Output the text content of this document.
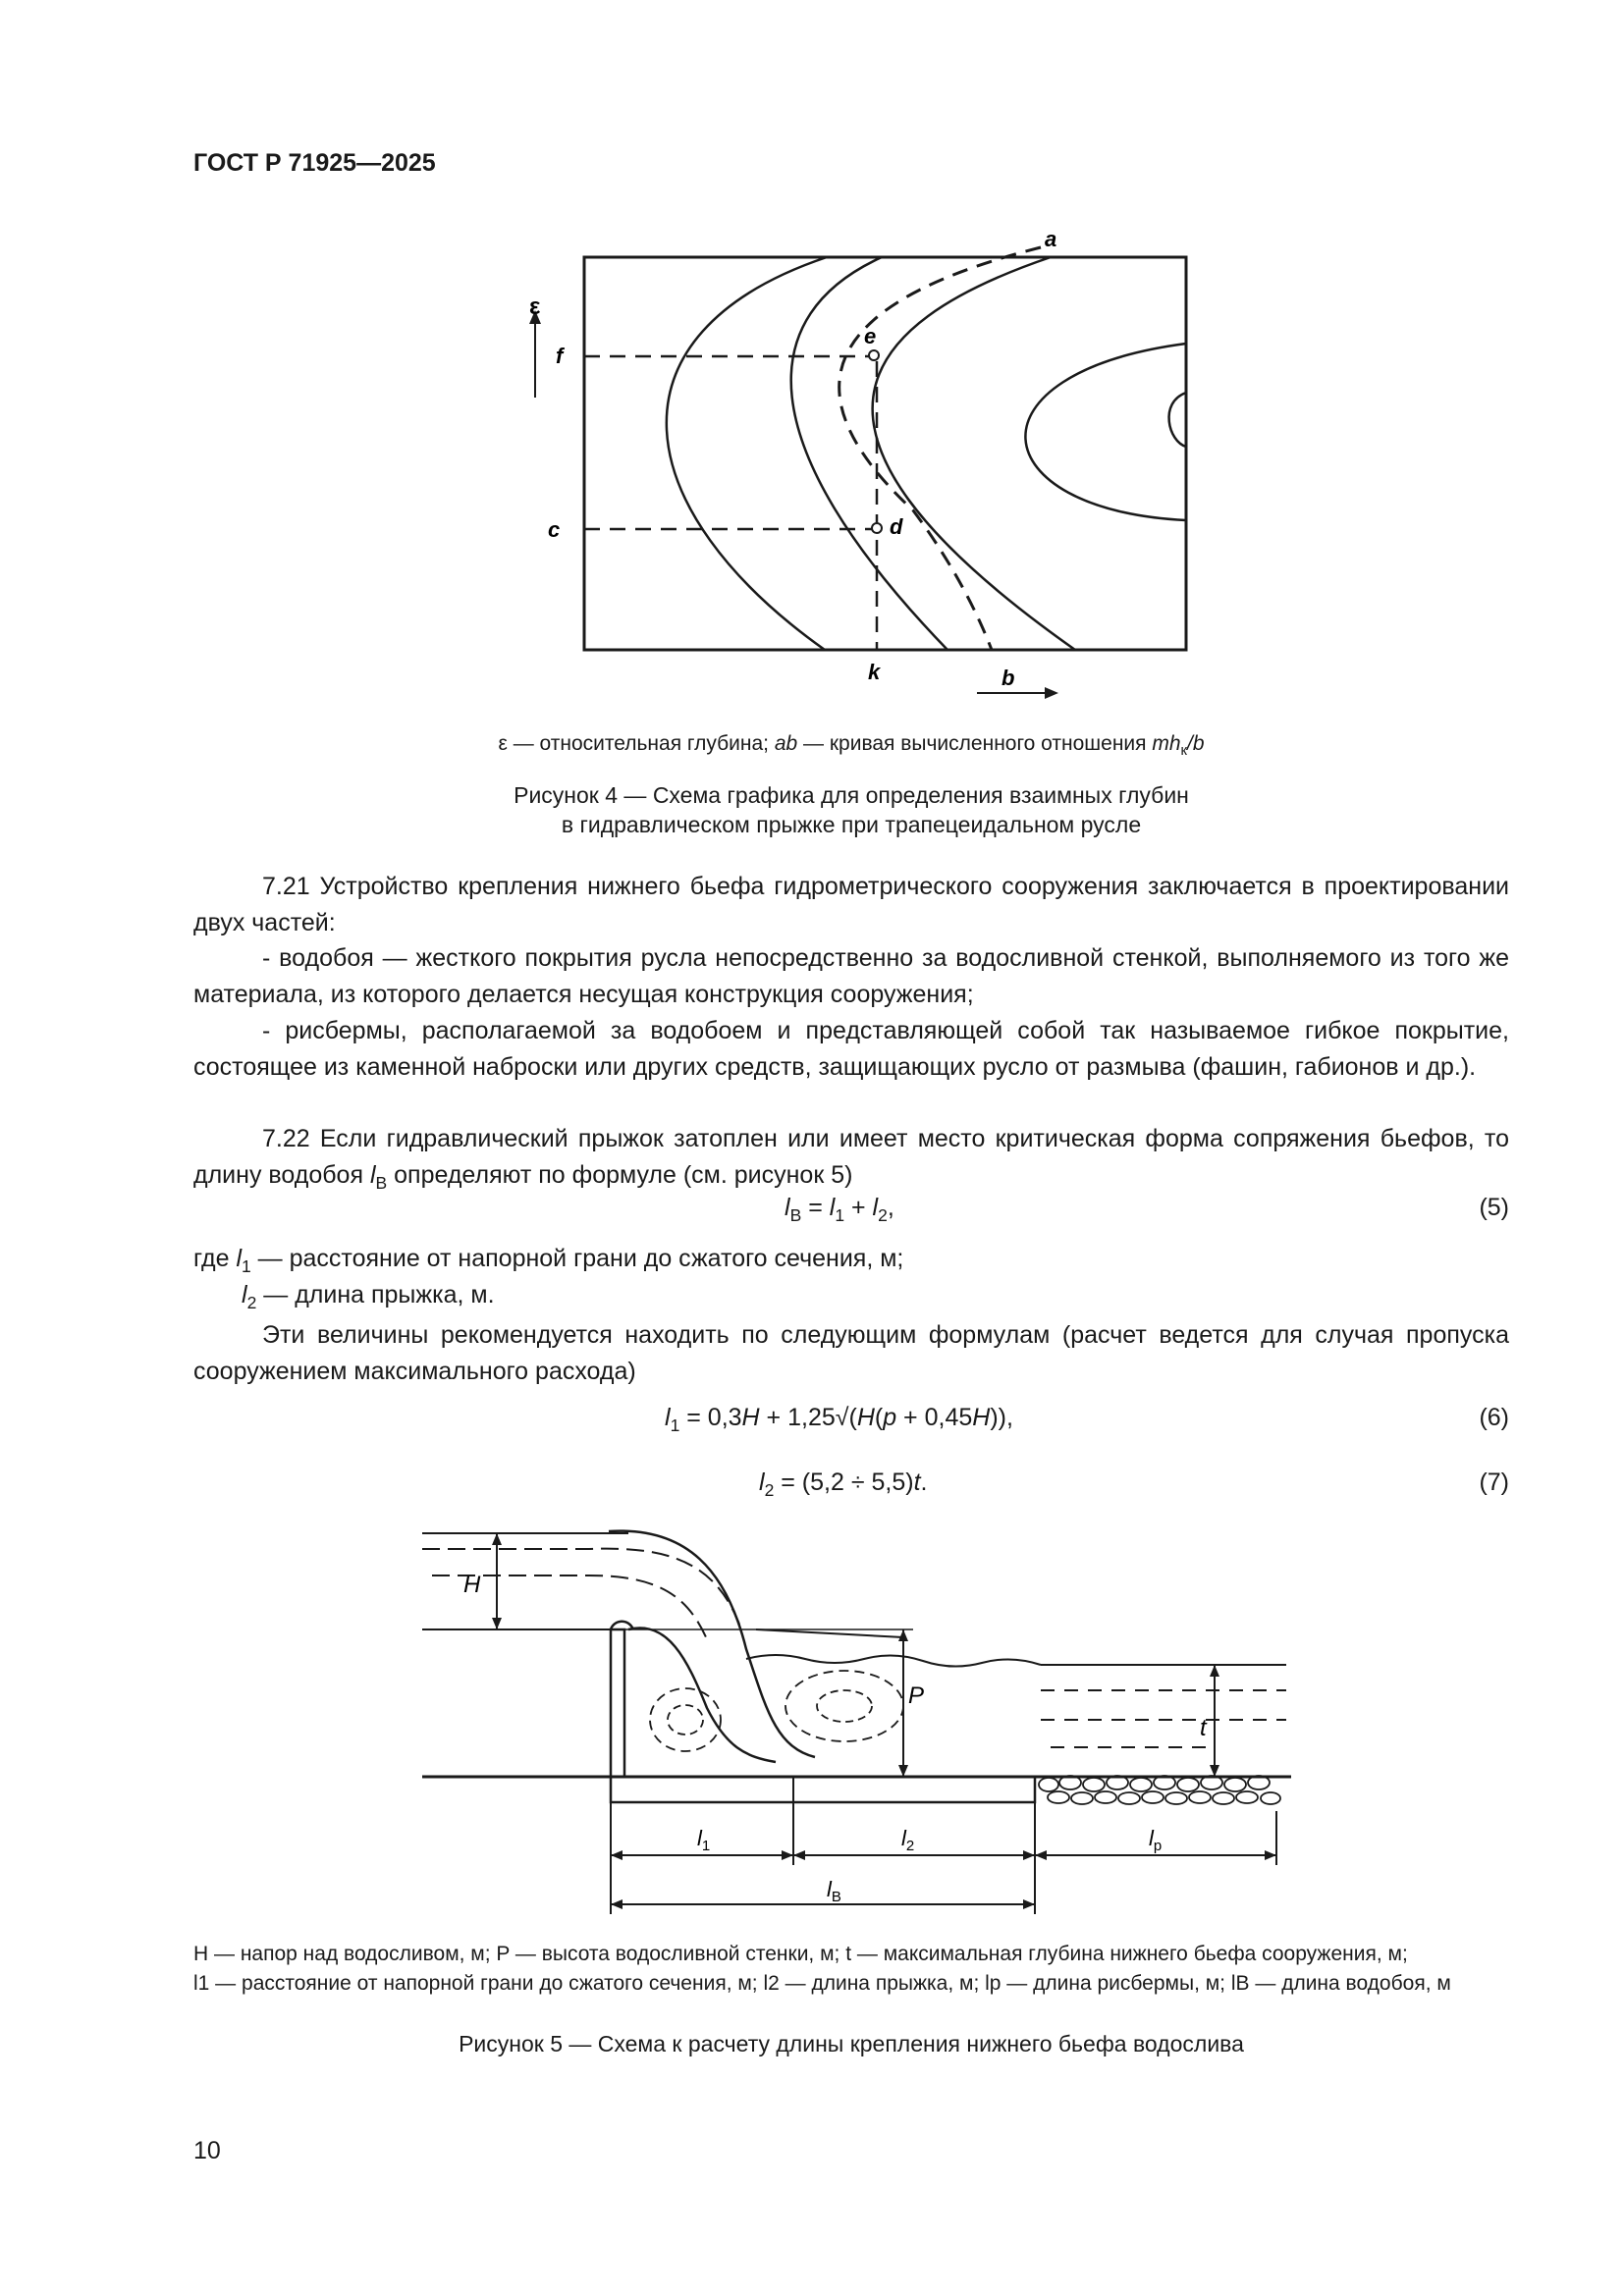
ГОСТ Р 71925—2025
ε
f
c
e
d
a
k	b
ε — относительная глубина; ab — кривая вычисленного отношения $mh_к/b$
Рисунок 4 — Схема графика для определения взаимных глубин
в гидравлическом прыжке при трапецеидальном русле
7.21 Устройство крепления нижнего бьефа гидрометрического сооружения заключается в проектировании двух частей:
- водобоя — жесткого покрытия русла непосредственно за водосливной стенкой, выполняемого из того же материала, из которого делается несущая конструкция сооружения;
- рисбермы, располагаемой за водобоем и представляющей собой так называемое гибкое покрытие, состоящее из каменной наброски или других средств, защищающих русло от размыва (фашин, габионов и др.).
7.22 Если гидравлический прыжок затоплен или имеет место критическая форма сопряжения бьефов, то длину водобоя $l_В$ определяют по формуле (см. рисунок 5)
$l_В = l_1 + l_2$,	(5)
где $l_1$ — расстояние от напорной грани до сжатого сечения, м;
$l_2$ — длина прыжка, м.
Эти величины рекомендуется находить по следующим формулам (расчет ведется для случая пропуска сооружением максимального расхода)
$l_1 = 0,3H + 1,25√(H(p + 0,45H))$,	(6)
$l_2 = (5,2 \div 5,5)t$.	(7)
H
P
t
$l_1$	$l_2$	$l_р$
$l_В$
H — напор над водосливом, м; P — высота водосливной стенки, м; t — максимальная глубина нижнего бьефа сооружения, м;
l1 — расстояние от напорной грани до сжатого сечения, м; l2 — длина прыжка, м; lр — длина рисбермы, м; lВ — длина водобоя, м
Рисунок 5 — Схема к расчету длины крепления нижнего бьефа водослива
10
